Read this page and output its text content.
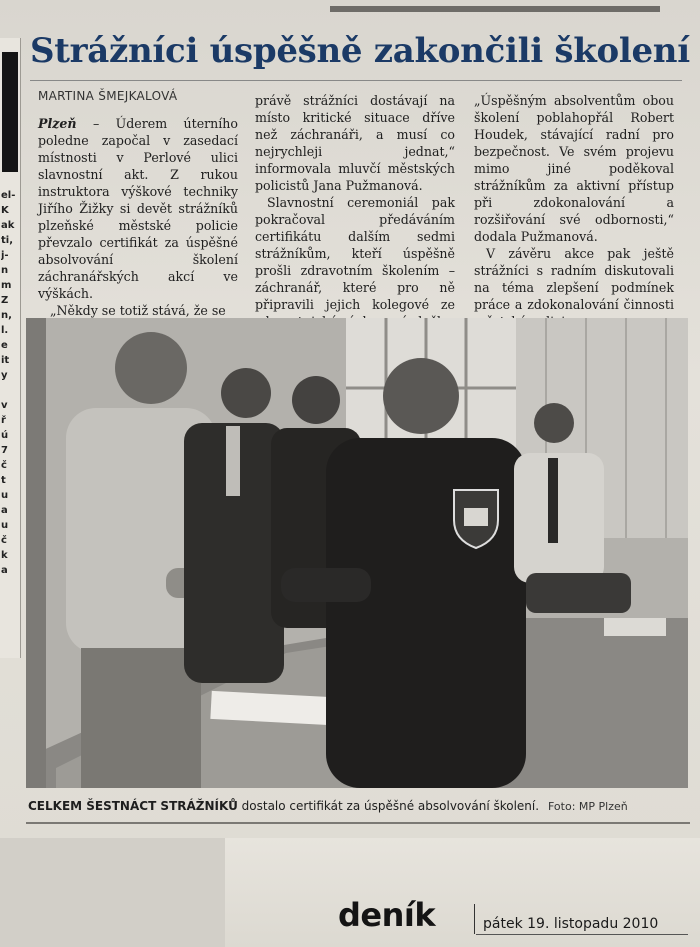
el-
K
ak
ti,
j-
n
m
Z
n,
l.
e
it
y

v
ř
ú
7
č
t
u
a
u
č
k
a
Strážníci úspěšně zakončili školení
MARTINA ŠMEJKALOVÁ

Plzeň – Úderem úterního poledne započal v zasedací místnosti v Perlové ulici slavnostní akt. Z rukou instruktora výškové techniky Jiřího Žižky si devět strážníků plzeňské městské policie převzalo certifikát za úspěšné absolvování školení záchranářských akcí ve výškách.

„Někdy se totiž stává, že se

právě strážníci dostávají na místo kritické situace dříve než záchranáři, a musí co nejrychleji jednat,“ informovala mluvčí městských policistů Jana Pužmanová.

Slavnostní ceremoniál pak pokračoval předáváním certifikátu dalším sedmi strážníkům, kteří úspěšně prošli zdravotním školením – záchranář, které pro ně připravili jejich kolegové ze

„Úspěšným absolventům obou školení poblahopřál Robert Houdek, stávající radní pro bezpečnost. Ve svém projevu mimo jiné poděkoval strážníkům za aktivní přístup při zdokonalování a rozšiřování své odbornosti,“ dodala Pužmanová.

V závěru akce pak ještě strážníci s radním diskutovali na téma zlepšení podmínek práce a zdokonalování činnosti

CELKEM ŠESTNÁCT STRÁŽNÍKŮ dostalo certifikát za úspěšné absolvování školení. Foto: MP Plzeň
deník	pátek 19. listopadu 2010
